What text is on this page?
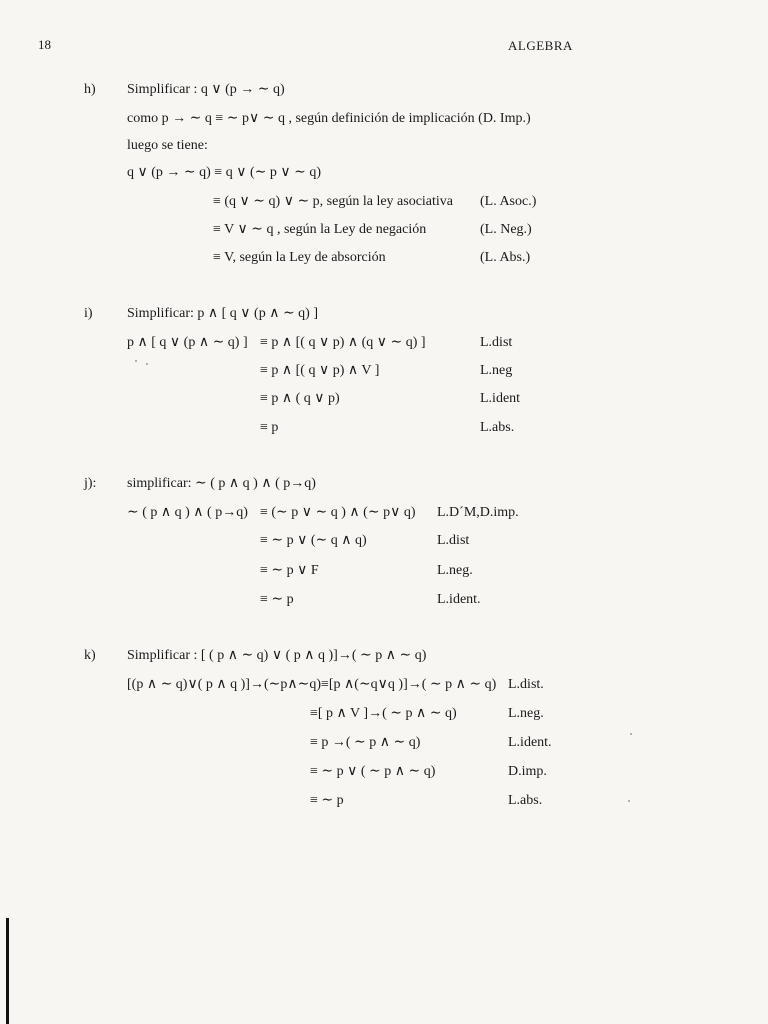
18	ALGEBRA
h) Simplificar : q ∨ (p → ∼ q)
como p → ∼ q ≡ ∼ p∨ ∼ q , según definición de implicación (D. Imp.)
luego se tiene:
q ∨ (p → ∼ q) ≡ q ∨ (∼ p ∨ ∼ q)
≡ (q ∨ ∼ q) ∨ ∼ p, según la ley asociativa (L. Asoc.)
≡ V ∨ ∼ q , según la Ley de negación	(L. Neg.)
≡ V, según la Ley de absorción	(L. Abs.)
i) Simplificar: p ∧ [ q ∨ (p ∧ ∼ q) ]
p ∧ [ q ∨ (p ∧ ∼ q) ] ≡ p ∧ [( q ∨ p) ∧ (q ∨ ∼ q) ]	L.dist
≡ p ∧ [( q ∨ p) ∧ V ]	L.neg
≡ p ∧ ( q ∨ p)	L.ident
≡ p	L.abs.
j): simplificar: ∼ ( p ∧ q ) ∧ ( p→q)
∼ ( p ∧ q ) ∧ ( p→q) ≡ (∼ p ∨ ∼ q ) ∧ (∼ p∨ q) L.D´M,D.imp.
≡ ∼ p ∨ (∼ q ∧ q)	L.dist
≡ ∼ p ∨ F	L.neg.
≡ ∼ p	L.ident.
k) Simplificar : [ ( p ∧ ∼ q) ∨ ( p ∧ q )]→( ∼ p ∧ ∼ q)
[(p ∧ ∼ q)∨( p ∧ q )]→(∼p∧∼q)≡[p ∧(∼q∨q )]→( ∼ p ∧ ∼ q) L.dist.
≡[ p ∧ V ]→( ∼ p ∧ ∼ q)	L.neg.
≡ p →( ∼ p ∧ ∼ q)	L.ident.
≡ ∼ p ∨ ( ∼ p ∧ ∼ q)	D.imp.
≡ ∼ p	L.abs.
